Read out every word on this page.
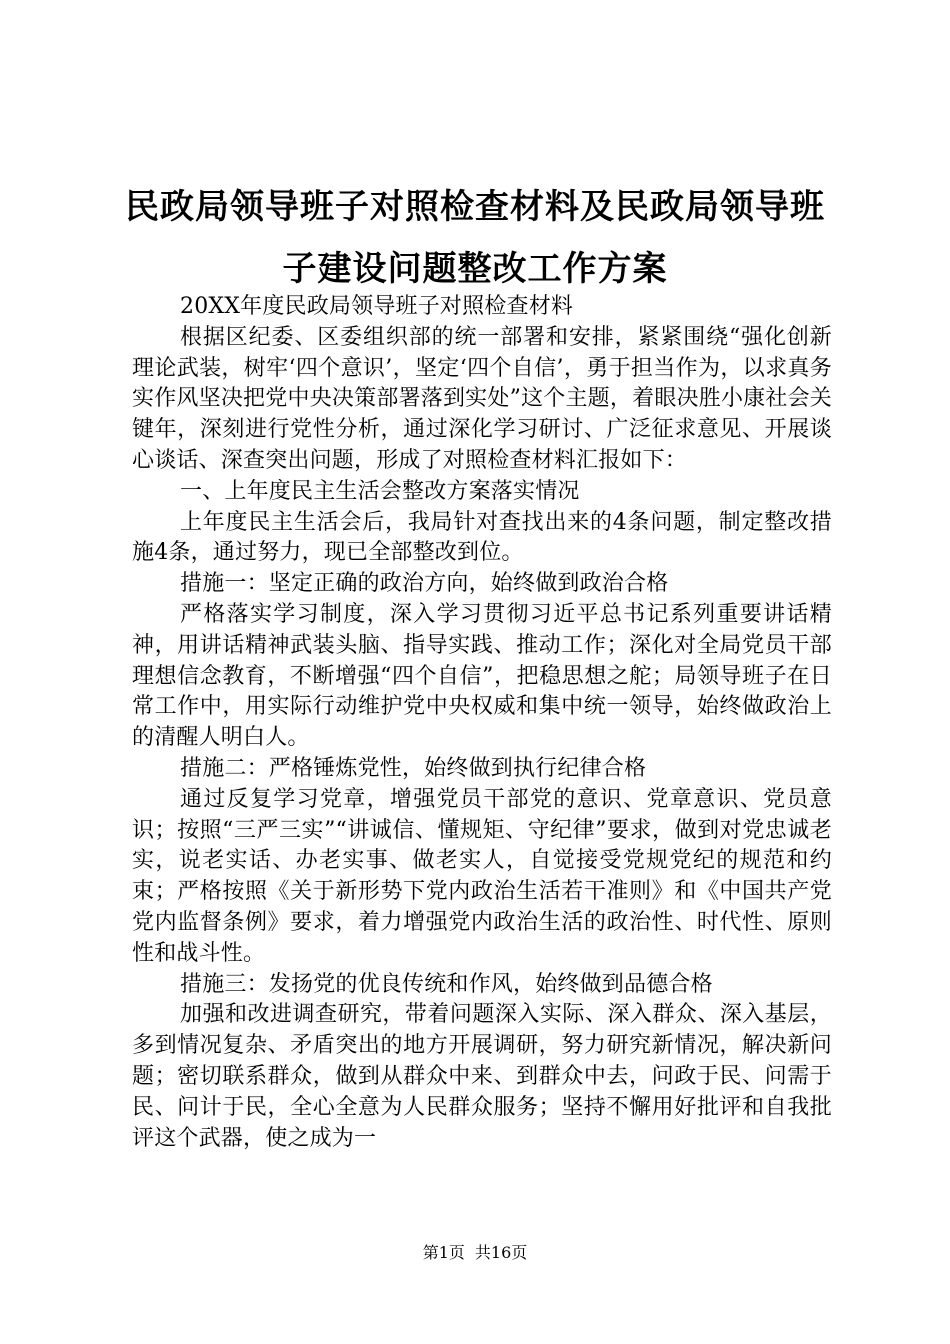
民政局领导班子对照检查材料及民政局领导班
子建设问题整改工作方案

20XX年度民政局领导班子对照检查材料

根据区纪委、区委组织部的统一部署和安排，紧紧围绕“强化创新理论武装，树牢‘四个意识’，坚定‘四个自信’，勇于担当作为，以求真务实作风坚决把党中央决策部署落到实处”这个主题，着眼决胜小康社会关键年，深刻进行党性分析，通过深化学习研讨、广泛征求意见、开展谈心谈话、深查突出问题，形成了对照检查材料汇报如下：

一、上年度民主生活会整改方案落实情况

上年度民主生活会后，我局针对查找出来的4条问题，制定整改措施4条，通过努力，现已全部整改到位。

措施一：坚定正确的政治方向，始终做到政治合格

严格落实学习制度，深入学习贯彻习近平总书记系列重要讲话精神，用讲话精神武装头脑、指导实践、推动工作；深化对全局党员干部理想信念教育，不断增强“四个自信”，把稳思想之舵；局领导班子在日常工作中，用实际行动维护党中央权威和集中统一领导，始终做政治上的清醒人明白人。

措施二：严格锤炼党性，始终做到执行纪律合格

通过反复学习党章，增强党员干部党的意识、党章意识、党员意识；按照“三严三实”“讲诚信、懂规矩、守纪律”要求，做到对党忠诚老实，说老实话、办老实事、做老实人，自觉接受党规党纪的规范和约束；严格按照《关于新形势下党内政治生活若干准则》和《中国共产党党内监督条例》要求，着力增强党内政治生活的政治性、时代性、原则性和战斗性。

措施三：发扬党的优良传统和作风，始终做到品德合格

加强和改进调查研究，带着问题深入实际、深入群众、深入基层，多到情况复杂、矛盾突出的地方开展调研，努力研究新情况，解决新问题；密切联系群众，做到从群众中来、到群众中去，问政于民、问需于民、问计于民，全心全意为人民群众服务；坚持不懈用好批评和自我批评这个武器，使之成为一

第1页 共16页
